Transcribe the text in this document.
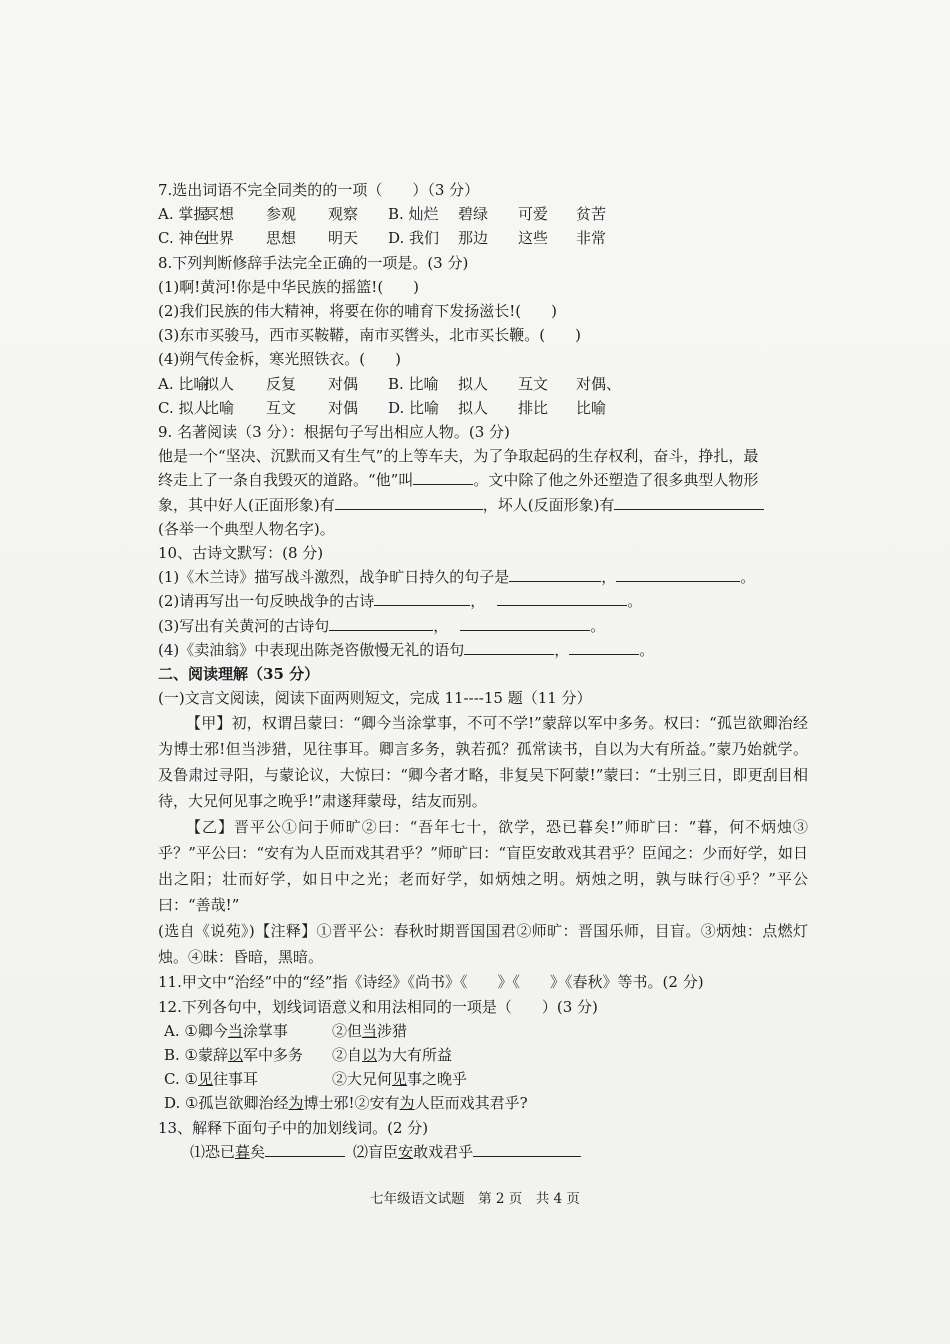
7.选出词语不完全同类的的一项（　　）（3 分）
A. 掌握
冥想	参观	观察	B. 灿烂	碧绿	可爱	贫苦
C. 神色
世界	思想	明天	D. 我们	那边	这些	非常
8.下列判断修辞手法完全正确的一项是。(3 分)
(1)啊!黄河!你是中华民族的摇篮!(　　)
(2)我们民族的伟大精神，将要在你的哺育下发扬滋长!(　　)
(3)东市买骏马，西市买鞍鞯，南市买辔头，北市买长鞭。(　　)
(4)朔气传金柝，寒光照铁衣。(　　)
A. 比喻
拟人	反复	对偶	B. 比喻	拟人	互文	对偶、
C. 拟人
比喻	互文	对偶	D. 比喻	拟人	排比	比喻
9. 名著阅读（3 分）：根据句子写出相应人物。(3 分)
他是一个“坚决、沉默而又有生气”的上等车夫，为了争取起码的生存权利，奋斗，挣扎，最
终走上了一条自我毁灭的道路。“他”叫	。文中除了他之外还塑造了很多典型人物形
象，其中好人(正面形象)有	，坏人(反面形象)有
(各举一个典型人物名字)。
10、古诗文默写：(8 分)
(1)《木兰诗》描写战斗激烈，战争旷日持久的句子是	，	。
(2)请再写出一句反映战争的古诗	，	。
(3)写出有关黄河的古诗句	，	。
(4)《卖油翁》中表现出陈尧咨傲慢无礼的语句	，	。
二、阅读理解（35 分）
(一)文言文阅读，阅读下面两则短文，完成 11----15 题（11 分）
【甲】初，权谓吕蒙曰：“卿今当涂掌事，不可不学!”蒙辞以军中多务。权曰：“孤岂欲卿治经为博士邪!但当涉猎，见往事耳。卿言多务，孰若孤？孤常读书，自以为大有所益。”蒙乃始就学。及鲁肃过寻阳，与蒙论议，大惊曰：“卿今者才略，非复吴下阿蒙!”蒙曰：“士别三日，即更刮目相待，大兄何见事之晚乎!”肃遂拜蒙母，结友而别。
【乙】晋平公①问于师旷②曰：“吾年七十，欲学，恐已暮矣!”师旷曰：“暮，何不炳烛③乎？”平公曰：“安有为人臣而戏其君乎？”师旷曰：“盲臣安敢戏其君乎？臣闻之：少而好学，如日出之阳；壮而好学，如日中之光；老而好学，如炳烛之明。炳烛之明，孰与昧行④乎？”平公曰：“善哉!”
(选自《说苑》)【注释】①晋平公：春秋时期晋国国君②师旷：晋国乐师，目盲。③炳烛：点燃灯烛。④昧：昏暗，黑暗。
11.甲文中“治经”中的“经”指《诗经》《尚书》《　　》《　　》《春秋》等书。(2 分)
12.下列各句中，划线词语意义和用法相同的一项是（　　）(3 分)
A. ①卿今当涂掌事	②但当涉猎
B. ①蒙辞以军中多务 ②自以为大有所益
C. ①见往事耳	②大兄何见事之晚乎
D. ①孤岂欲卿治经为博士邪!②安有为人臣而戏其君乎?
13、解释下面句子中的加划线词。(2 分)
⑴恐已暮矣	⑵盲臣安敢戏君乎
七年级语文试题　第 2 页　共 4 页
